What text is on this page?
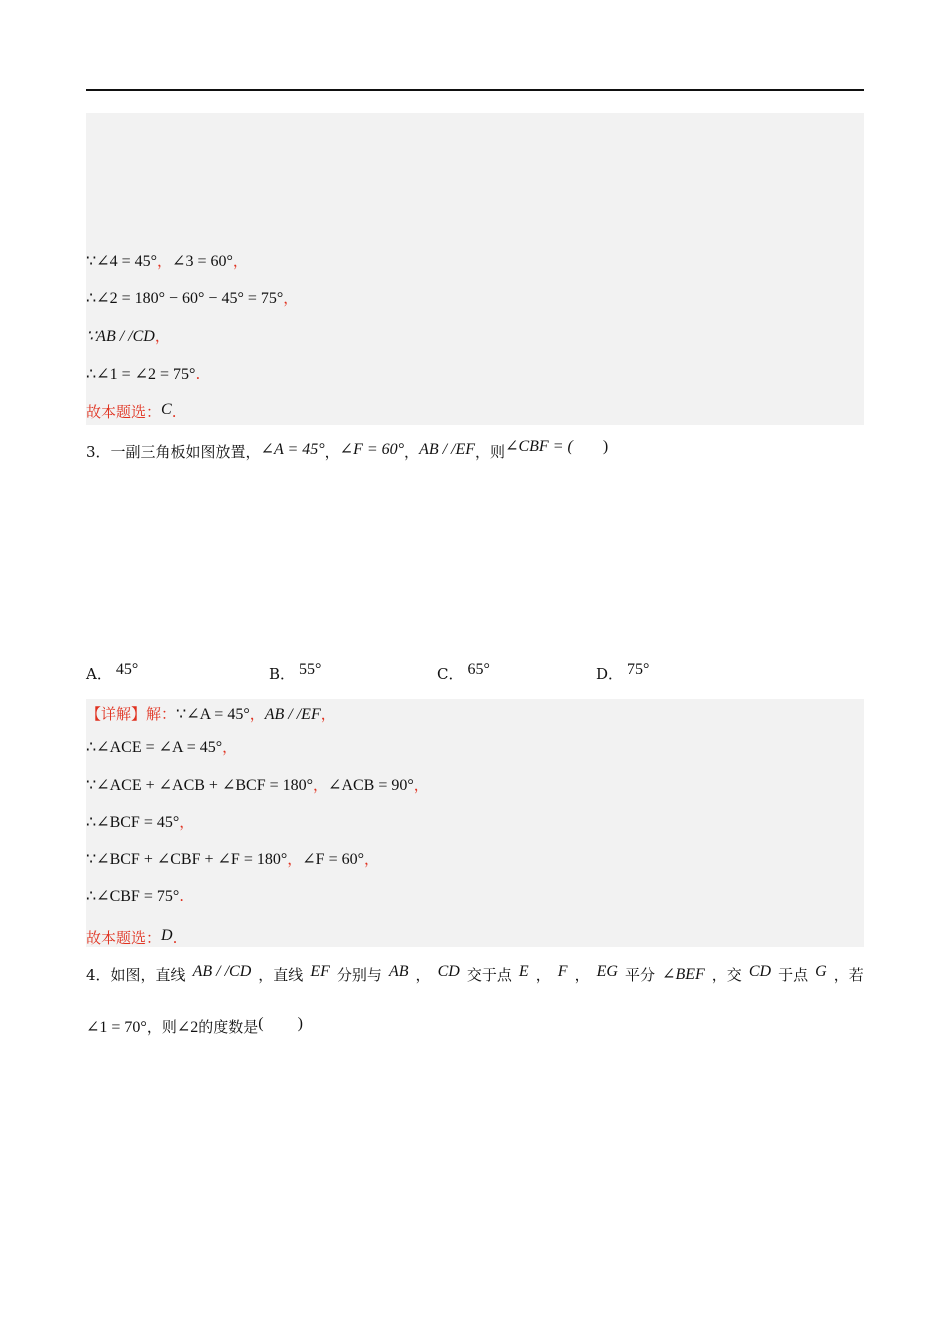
∵∠4 = 45°，∠3 = 60°，
∴∠2 = 180° − 60° − 45° = 75°，
∵AB / /CD，
∴∠1 = ∠2 = 75°.
故本题选：C.
3．一副三角板如图放置，∠A = 45°，∠F = 60°，AB / /EF，则∠CBF = ( )
A． 45°	B． 55°	C． 65°	D． 75°
【详解】解：∵∠A = 45°，AB / /EF，
∴∠ACE = ∠A = 45°，
∵∠ACE + ∠ACB + ∠BCF = 180°，∠ACB = 90°，
∴∠BCF = 45°，
∵∠BCF + ∠CBF + ∠F = 180°，∠F = 60°，
∴∠CBF = 75°.
故本题选：D.
4．如图，直线 AB / /CD ，直线 EF 分别与 AB ， CD 交于点 E ， F ， EG 平分 ∠BEF ，交 CD 于点 G ，若
∠1 = 70°，则∠2的度数是( )
